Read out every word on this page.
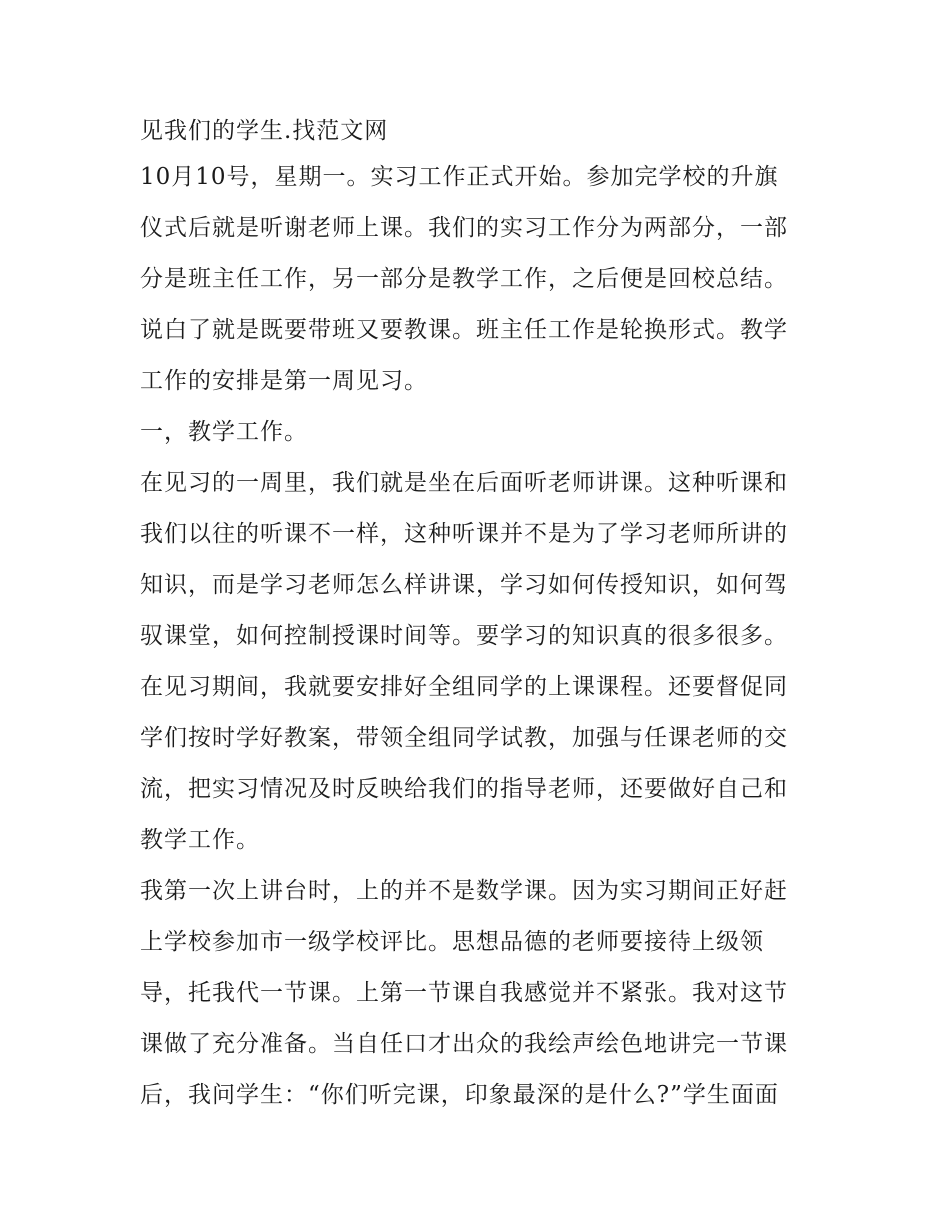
见我们的学生.找范文网
10月10号，星期一。实习工作正式开始。参加完学校的升旗
仪式后就是听谢老师上课。我们的实习工作分为两部分，一部
分是班主任工作，另一部分是教学工作，之后便是回校总结。
说白了就是既要带班又要教课。班主任工作是轮换形式。教学
工作的安排是第一周见习。
一，教学工作。
在见习的一周里，我们就是坐在后面听老师讲课。这种听课和
我们以往的听课不一样，这种听课并不是为了学习老师所讲的
知识，而是学习老师怎么样讲课，学习如何传授知识，如何驾
驭课堂，如何控制授课时间等。要学习的知识真的很多很多。
在见习期间，我就要安排好全组同学的上课课程。还要督促同
学们按时学好教案，带领全组同学试教，加强与任课老师的交
流，把实习情况及时反映给我们的指导老师，还要做好自己和
教学工作。
我第一次上讲台时，上的并不是数学课。因为实习期间正好赶
上学校参加市一级学校评比。思想品德的老师要接待上级领
导，托我代一节课。上第一节课自我感觉并不紧张。我对这节
课做了充分准备。当自任口才出众的我绘声绘色地讲完一节课
后，我问学生：“你们听完课，印象最深的是什么?”学生面面
